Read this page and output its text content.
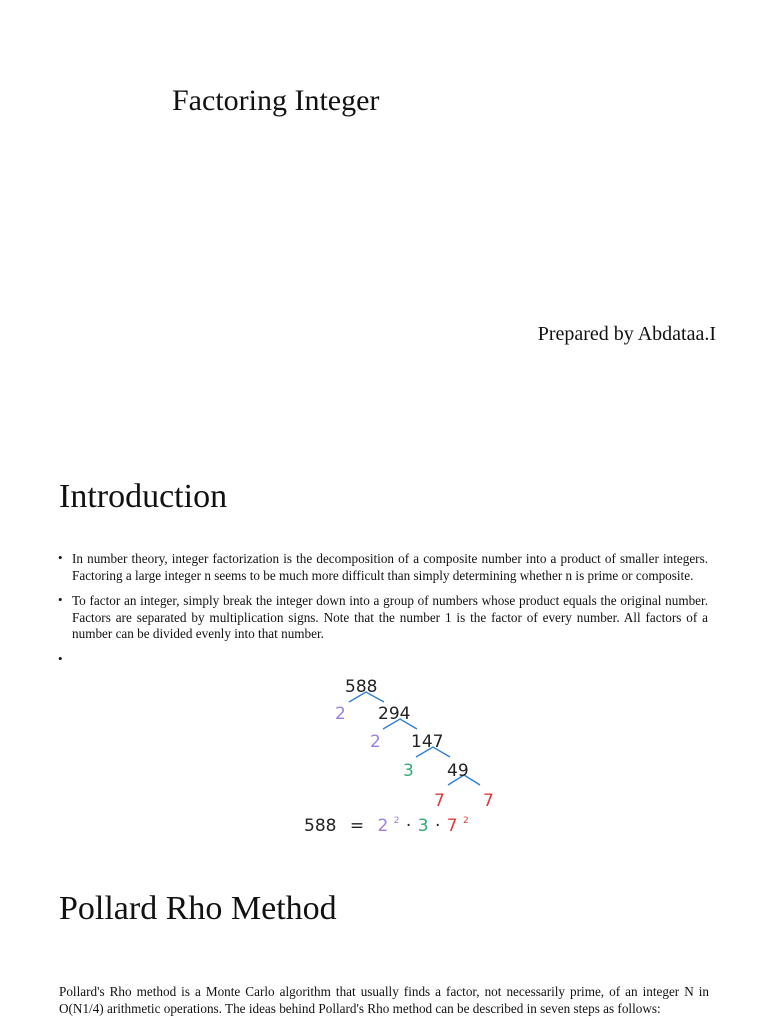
Factoring Integer
Prepared by Abdataa.I
Introduction
• In number theory, integer factorization is the decomposition of a composite number into a product of smaller integers. Factoring a large integer n seems to be much more difficult than simply determining whether n is prime or composite.
• To factor an integer, simply break the integer down into a group of numbers whose product equals the original number. Factors are separated by multiplication signs. Note that the number 1 is the factor of every number. All factors of a number can be divided evenly into that number.
•
588
2 294
2 147
3 49
7 7
588 = 2 $^2$ · 3 · 7 $^2$
Pollard Rho Method

Pollard's Rho method is a Monte Carlo algorithm that usually finds a factor, not necessarily prime, of an integer N in O(N1/4) arithmetic operations. The ideas behind Pollard's Rho method can be described in seven steps as follows:
